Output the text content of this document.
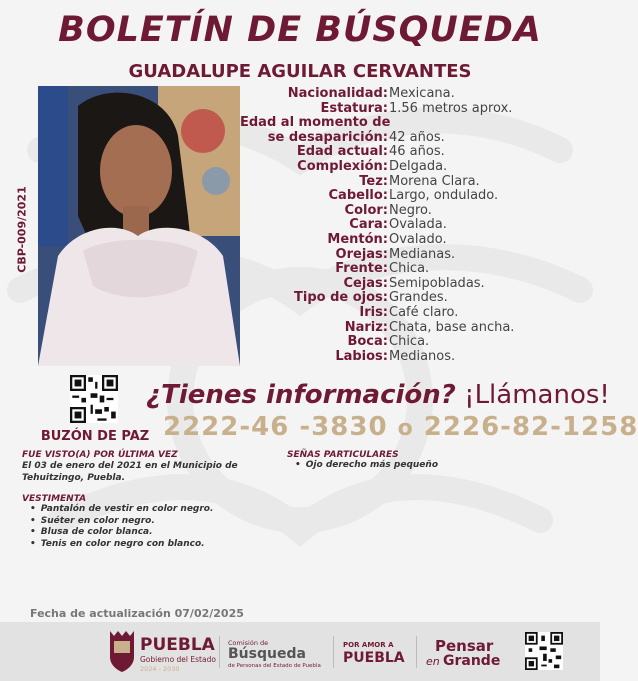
BOLETÍN DE BÚSQUEDA
GUADALUPE AGUILAR CERVANTES
CBP-009/2021
Nacionalidad: Mexicana.
Estatura: 1.56 metros aprox.
Edad al momento de
se desaparición: 42 años.
Edad actual: 46 años.
Complexión: Delgada.
Tez: Morena Clara.
Cabello: Largo, ondulado.
Color: Negro.
Cara: Ovalada.
Mentón: Ovalado.
Orejas: Medianas.
Frente: Chica.
Cejas: Semipobladas.
Tipo de ojos: Grandes.
Iris: Café claro.
Nariz: Chata, base ancha.
Boca: Chica.
Labios: Medianos.
BUZÓN DE PAZ
¿Tienes información? ¡Llámanos!
2222-46 -3830 o 2226-82-1258
FUE VISTO(A) POR ÚLTIMA VEZ
El 03 de enero del 2021 en el Municipio de Tehuitzingo, Puebla.
SEÑAS PARTICULARES
• Ojo derecho más pequeño
VESTIMENTA
• Pantalón de vestir en color negro.
• Suéter en color negro.
• Blusa de color blanca.
• Tenis en color negro con blanco.
Fecha de actualización 07/02/2025
PUEBLA
Gobierno del Estado
2024 - 2030
Comisión de
Búsqueda
de Personas del Estado de Puebla
POR AMOR A
PUEBLA
Pensar
en Grande
